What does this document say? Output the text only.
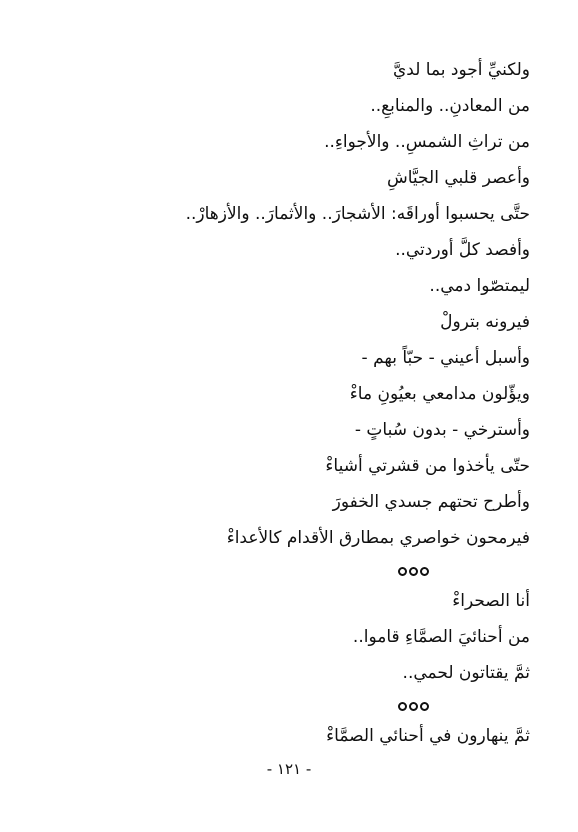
ولكنيِّ أجود بما لديَّ
من المعادنِ.. والمنابعِ..
من تراثِ الشمسِ.. والأجواءِ..
وأعصر قلبي الجيَّاشِ
حتَّى يحسبوا أوراقَه: الأشجارَ.. والأثمارَ.. والأزهارْ..
وأفصد كلَّ أوردتي..
ليمتصّوا دمي..
فيرونه بترولْ
وأسبل أعيني - حبّاً بهم -
ويؤّلون مدامعي بعيُونِ ماءْ
وأسترخي - بدون سُباتٍ -
حتّى يأخذوا من قشرتي أشياءْ
وأطرح تحتهم جسدي الخفورَ
فيرمحون خواصري بمطارق الأقدام كالأعداءْ
أنا الصحراءْ
من أحنائيَ الصمَّاءِ قاموا..
ثمَّ يقتاتون لحمي..
ثمَّ ينهارون في أحنائي الصمَّاءْ
- ١٢١ -
